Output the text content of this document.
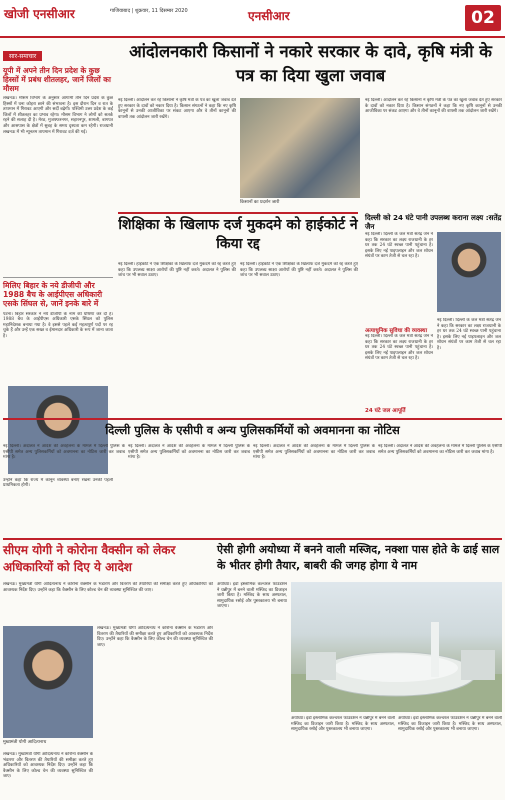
खोजी एनसीआर	गाजियाबाद | शुक्रवार, 11 दिसम्बर 2020	एनसीआर	02
सार-समाचार
यूपी में अपने तीन दिन प्रदेश के कुछ हिस्सों में प्रबंध शीतलहर, जानें जिलों का मौसम
लखनऊ। मौसम विभाग के अनुसार आगामी तीन दिन प्रदेश के कुछ हिस्सों में घना कोहरा छाने की संभावना है। इस दौरान दिन व रात के तापमान में गिरावट आएगी और सर्दी बढ़ेगी। पश्चिमी उत्तर प्रदेश के कई जिलों में शीतलहर का प्रभाव रहेगा। मौसम विभाग ने लोगों को सतर्क रहने की सलाह दी है। मेरठ, मुजफ्फरनगर, सहारनपुर, शामली, बागपत और आसपास के क्षेत्रों में सुबह के समय दृश्यता कम रहेगी। राजधानी लखनऊ में भी न्यूनतम तापमान में गिरावट दर्ज की गई।
मिलिए बिहार के नये डीजीपी और 1988 बैच के आईपीएस अधिकारी एसके सिंघल से, जानें इनके बारे में
पटना। बिहार सरकार ने नये डीजीपी के नाम की घोषणा कर दी है। 1988 बैच के आईपीएस अधिकारी एसके सिंघल को पुलिस महानिदेशक बनाया गया है। वे इससे पहले कई महत्वपूर्ण पदों पर रह चुके हैं और उन्हें एक सख्त व ईमानदार अधिकारी के रूप में जाना जाता है।
उन्होंने कहा कि राज्य में कानून व्यवस्था बनाए रखना उनकी पहली प्राथमिकता होगी।
आंदोलनकारी किसानों ने नकारे सरकार के दावे, कृषि मंत्री के पत्र का दिया खुला जवाब
नई दिल्ली। आंदोलन कर रहे किसानों ने कृषि मंत्री के पत्र का खुला जवाब देते हुए सरकार के दावों को नकार दिया है। किसान संगठनों ने कहा कि नए कृषि कानूनों से उनकी आजीविका पर संकट आएगा और वे तीनों कानूनों की वापसी तक आंदोलन जारी रखेंगे।
किसानों का प्रदर्शन जारी
नई दिल्ली। आंदोलन कर रहे किसानों ने कृषि मंत्री के पत्र का खुला जवाब देते हुए सरकार के दावों को नकार दिया है। किसान संगठनों ने कहा कि नए कृषि कानूनों से उनकी आजीविका पर संकट आएगा और वे तीनों कानूनों की वापसी तक आंदोलन जारी रखेंगे।
शिक्षिका के खिलाफ दर्ज मुकदमे को हाईकोर्ट ने किया रद्द
नई दिल्ली। हाईकोर्ट ने एक शिक्षिका के खिलाफ दर्ज मुकदमे को रद्द करते हुए कहा कि उपलब्ध साक्ष्य आरोपों की पुष्टि नहीं करते। अदालत ने पुलिस की जांच पर भी सवाल उठाए।
नई दिल्ली। हाईकोर्ट ने एक शिक्षिका के खिलाफ दर्ज मुकदमे को रद्द करते हुए कहा कि उपलब्ध साक्ष्य आरोपों की पुष्टि नहीं करते। अदालत ने पुलिस की जांच पर भी सवाल उठाए।
दिल्ली को 24 घंटे पानी उपलब्ध कराना लक्ष्य :सतेंद्र जैन
नई दिल्ली। दिल्ली के जल मंत्री सतेंद्र जैन ने कहा कि सरकार का लक्ष्य राजधानी के हर घर तक 24 घंटे स्वच्छ पानी पहुंचाना है। इसके लिए नई पाइपलाइन और जल शोधन संयंत्रों पर काम तेजी से चल रहा है।
अत्याधुनिक सुविधा की व्यवस्था
नई दिल्ली। दिल्ली के जल मंत्री सतेंद्र जैन ने कहा कि सरकार का लक्ष्य राजधानी के हर घर तक 24 घंटे स्वच्छ पानी पहुंचाना है। इसके लिए नई पाइपलाइन और जल शोधन संयंत्रों पर काम तेजी से चल रहा है।
नई दिल्ली। दिल्ली के जल मंत्री सतेंद्र जैन ने कहा कि सरकार का लक्ष्य राजधानी के हर घर तक 24 घंटे स्वच्छ पानी पहुंचाना है। इसके लिए नई पाइपलाइन और जल शोधन संयंत्रों पर काम तेजी से चल रहा है।
24 घंटे जल आपूर्ति
दिल्ली पुलिस के एसीपी व अन्य पुलिसकर्मियों को अवमानना का नोटिस
नई दिल्ली। अदालत ने आदेश की अवहेलना के मामले में दिल्ली पुलिस के एसीपी समेत अन्य पुलिसकर्मियों को अवमानना का नोटिस जारी कर जवाब मांगा है।
नई दिल्ली। अदालत ने आदेश की अवहेलना के मामले में दिल्ली पुलिस के एसीपी समेत अन्य पुलिसकर्मियों को अवमानना का नोटिस जारी कर जवाब मांगा है।
नई दिल्ली। अदालत ने आदेश की अवहेलना के मामले में दिल्ली पुलिस के एसीपी समेत अन्य पुलिसकर्मियों को अवमानना का नोटिस जारी कर जवाब मांगा है।
नई दिल्ली। अदालत ने आदेश की अवहेलना के मामले में दिल्ली पुलिस के एसीपी समेत अन्य पुलिसकर्मियों को अवमानना का नोटिस जारी कर जवाब मांगा है।
सीएम योगी ने कोरोना वैक्सीन को लेकर अधिकारियों को दिए ये आदेश
लखनऊ। मुख्यमंत्री योगी आदित्यनाथ ने कोरोना वैक्सीन के भंडारण और वितरण की तैयारियों की समीक्षा करते हुए अधिकारियों को आवश्यक निर्देश दिए। उन्होंने कहा कि वैक्सीन के लिए कोल्ड चेन की व्यवस्था सुनिश्चित की जाए।
मुख्यमंत्री योगी आदित्यनाथ
लखनऊ। मुख्यमंत्री योगी आदित्यनाथ ने कोरोना वैक्सीन के भंडारण और वितरण की तैयारियों की समीक्षा करते हुए अधिकारियों को आवश्यक निर्देश दिए। उन्होंने कहा कि वैक्सीन के लिए कोल्ड चेन की व्यवस्था सुनिश्चित की जाए।
लखनऊ। मुख्यमंत्री योगी आदित्यनाथ ने कोरोना वैक्सीन के भंडारण और वितरण की तैयारियों की समीक्षा करते हुए अधिकारियों को आवश्यक निर्देश दिए। उन्होंने कहा कि वैक्सीन के लिए कोल्ड चेन की व्यवस्था सुनिश्चित की जाए।
ऐसी होगी अयोध्या में बनने वाली मस्जिद, नक्शा पास होते के ढाई साल के भीतर होगी तैयार, बाबरी की जगह होगा ये नाम
अयोध्या। इंडो इस्लामिक कल्चरल फाउंडेशन ने धन्नीपुर में बनने वाली मस्जिद का डिजाइन जारी किया है। मस्जिद के साथ अस्पताल, सामुदायिक रसोई और पुस्तकालय भी बनाया जाएगा।
अयोध्या। इंडो इस्लामिक कल्चरल फाउंडेशन ने धन्नीपुर में बनने वाली मस्जिद का डिजाइन जारी किया है। मस्जिद के साथ अस्पताल, सामुदायिक रसोई और पुस्तकालय भी बनाया जाएगा।
अयोध्या। इंडो इस्लामिक कल्चरल फाउंडेशन ने धन्नीपुर में बनने वाली मस्जिद का डिजाइन जारी किया है। मस्जिद के साथ अस्पताल, सामुदायिक रसोई और पुस्तकालय भी बनाया जाएगा।
